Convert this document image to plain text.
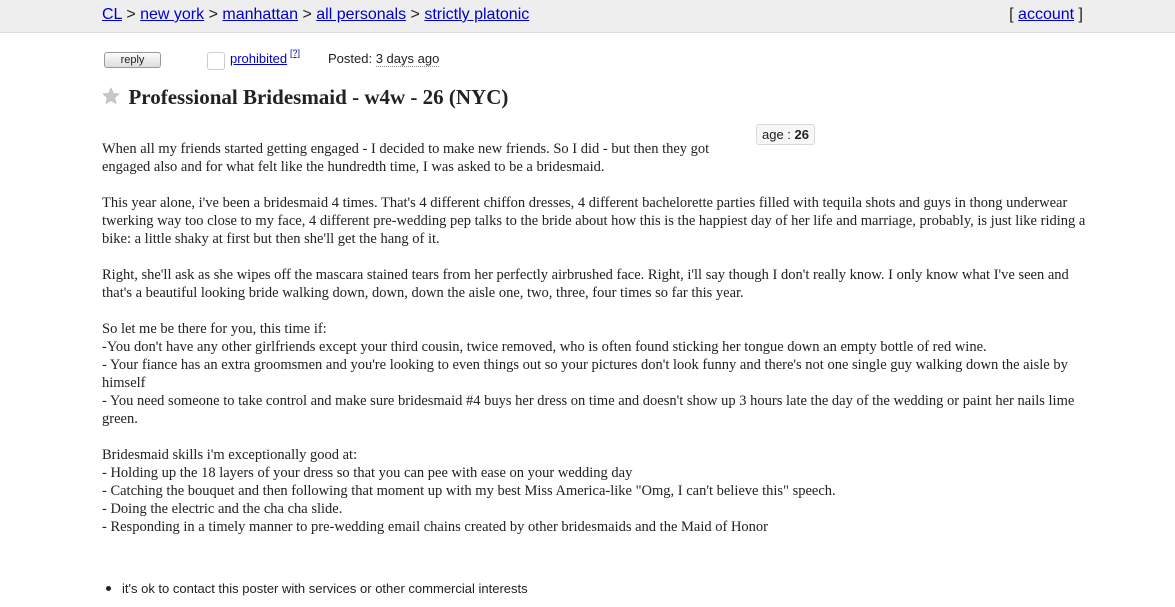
CL > new york > manhattan > all personals > strictly platonic	[ account ]
reply	prohibited [?] Posted: 3 days ago
Professional Bridesmaid - w4w - 26 (NYC)
age : 26

When all my friends started getting engaged - I decided to make new friends. So I did - but then they got engaged also and for what felt like the hundredth time, I was asked to be a bridesmaid.

This year alone, i've been a bridesmaid 4 times. That's 4 different chiffon dresses, 4 different bachelorette parties filled with tequila shots and guys in thong underwear twerking way too close to my face, 4 different pre-wedding pep talks to the bride about how this is the happiest day of her life and marriage, probably, is just like riding a bike: a little shaky at first but then she'll get the hang of it.

Right, she'll ask as she wipes off the mascara stained tears from her perfectly airbrushed face. Right, i'll say though I don't really know. I only know what I've seen and that's a beautiful looking bride walking down, down, down the aisle one, two, three, four times so far this year.

So let me be there for you, this time if:
-You don't have any other girlfriends except your third cousin, twice removed, who is often found sticking her tongue down an empty bottle of red wine.
- Your fiance has an extra groomsmen and you're looking to even things out so your pictures don't look funny and there's not one single guy walking down the aisle by himself
- You need someone to take control and make sure bridesmaid #4 buys her dress on time and doesn't show up 3 hours late the day of the wedding or paint her nails lime green.

Bridesmaid skills i'm exceptionally good at:
- Holding up the 18 layers of your dress so that you can pee with ease on your wedding day
- Catching the bouquet and then following that moment up with my best Miss America-like "Omg, I can't believe this" speech.
- Doing the electric and the cha cha slide.
- Responding in a timely manner to pre-wedding email chains created by other bridesmaids and the Maid of Honor

it's ok to contact this poster with services or other commercial interests
